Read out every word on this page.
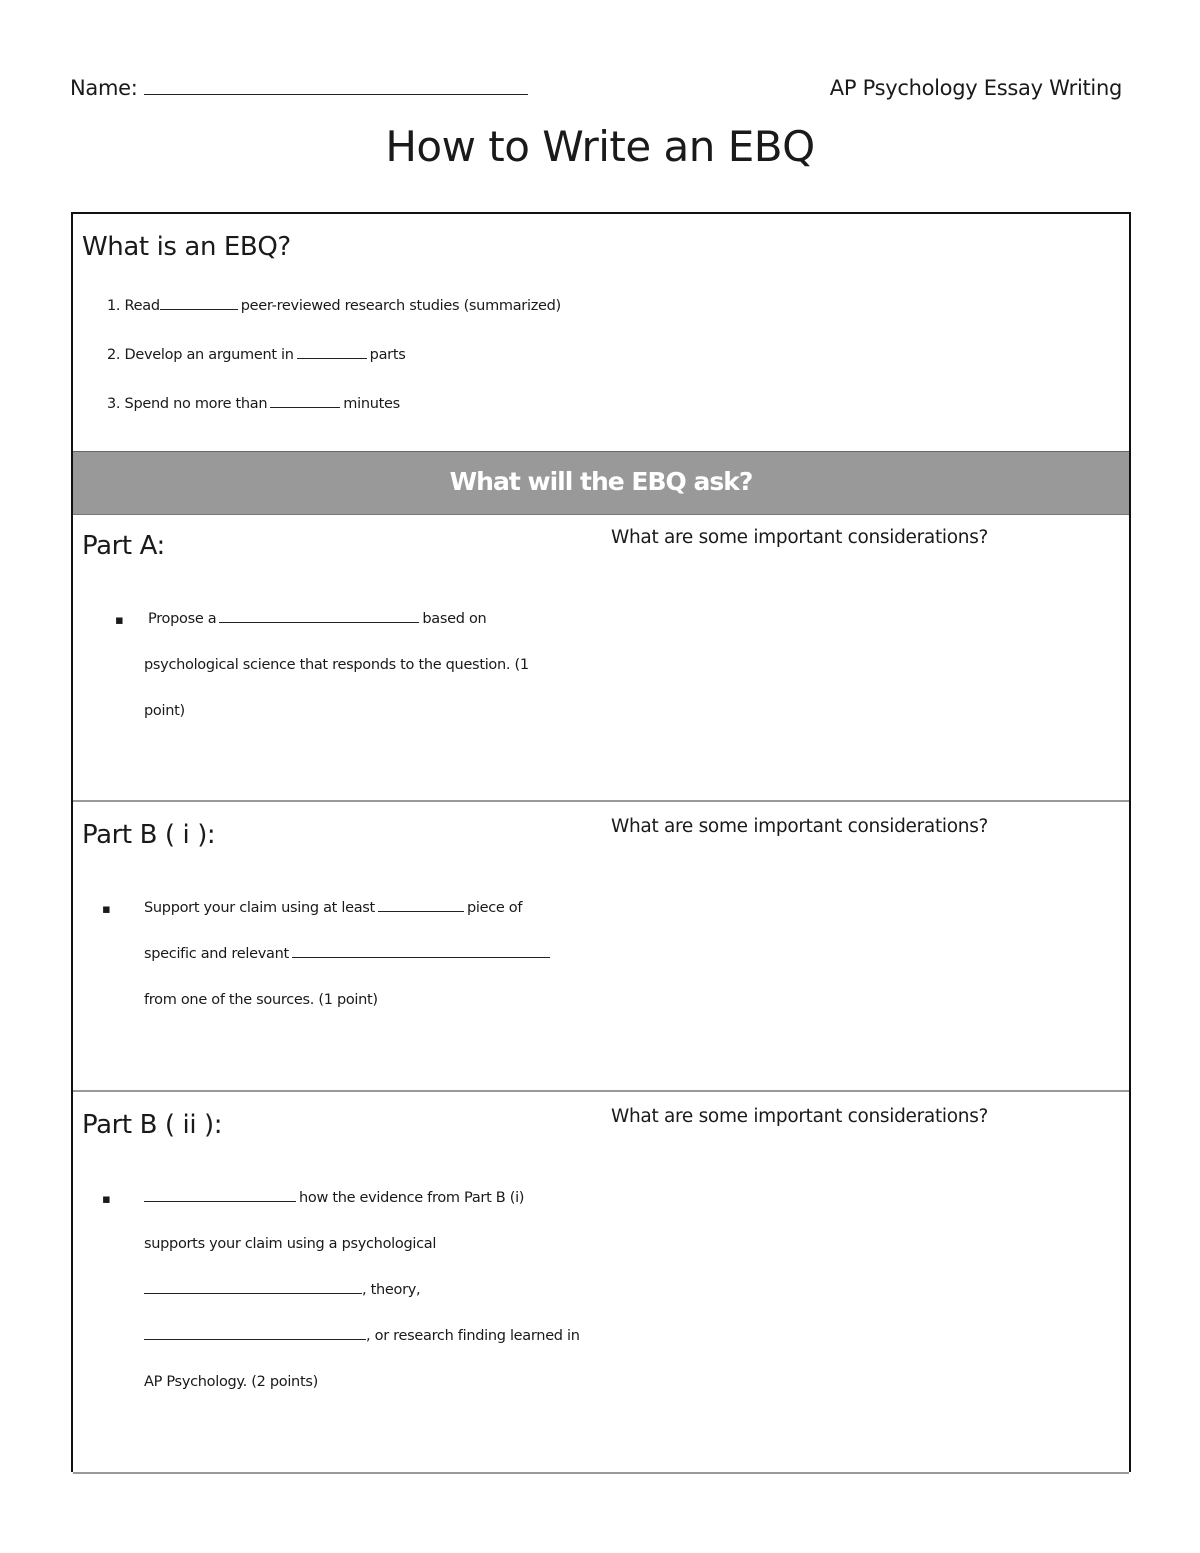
Name:	AP Psychology Essay Writing
How to Write an EBQ
What is an EBQ?
1. Read	peer-reviewed research studies (summarized)
2. Develop an argument in	parts
3. Spend no more than	minutes
What will the EBQ ask?
Part A:	What are some important considerations?
▪ Propose a	based on
psychological science that responds to the question. (1
point)
Part B ( i ):	What are some important considerations?
▪ Support your claim using at least	piece of
specific and relevant
from one of the sources. (1 point)
Part B ( ii ):	What are some important considerations?
▪	how the evidence from Part B (i)
supports your claim using a psychological
, theory,
, or research finding learned in
AP Psychology. (2 points)
